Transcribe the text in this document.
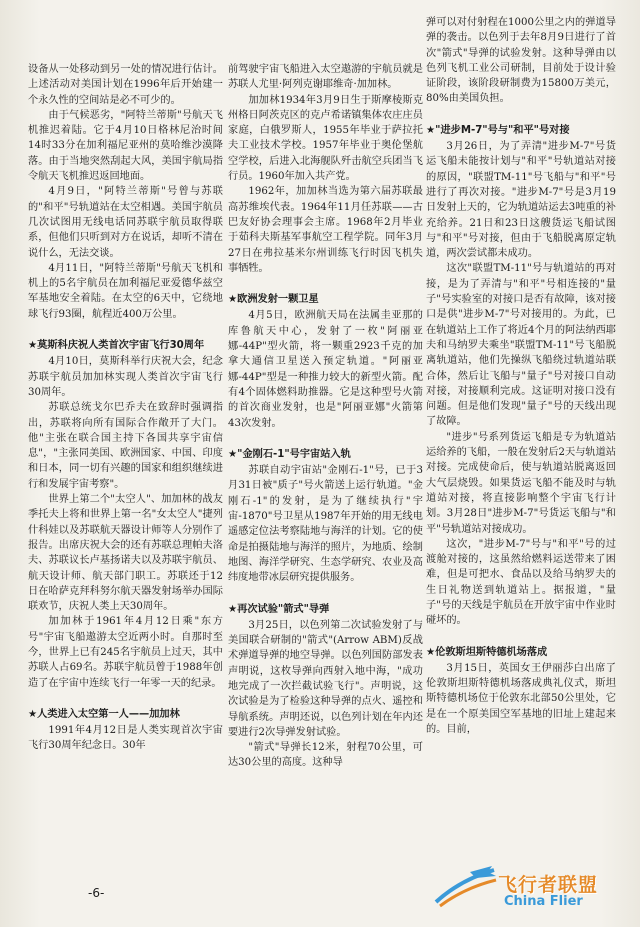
设备从一处移动到另一处的情况进行估计。上述活动对美国计划在1996年后开始建一个永久性的空间站是必不可少的。

由于气候恶劣，"阿特兰蒂斯"号航天飞机推迟着陆。它于4月10日格林尼治时间14时33分在加利福尼亚州的莫哈维沙漠降落。由于当地突然刮起大风，美国宇航局指令航天飞机推迟返回地面。

4月9日，"阿特兰蒂斯"号曾与苏联的"和平"号轨道站在太空相遇。美国宇航员几次试图用无线电话同苏联宇航员取得联系，但他们只听到对方在说话，却听不清在说什么，无法交谈。

4月11日，"阿特兰蒂斯"号航天飞机和机上的5名宇航员在加利福尼亚爱德华兹空军基地安全着陆。在太空的6天中，它绕地球飞行93圈，航程近400万公里。

★莫斯科庆祝人类首次宇宙飞行30周年

4月10日，莫斯科举行庆祝大会，纪念苏联宇航员加加林实现人类首次宇宙飞行30周年。

苏联总统戈尔巴乔夫在致辞时强调指出，苏联将向所有国际合作敞开了大门。他"主张在联合国主持下各国共享宇宙信息"，"主张同美国、欧洲国家、中国、印度和日本，同一切有兴趣的国家和组织继续进行和发展宇宙考察"。

世界上第二个"太空人"、加加林的战友季托夫上将和世界上第一名"女太空人"捷列什科娃以及苏联航天器设计师等人分别作了报告。出席庆祝大会的还有苏联总理帕夫洛夫、苏联议长卢基扬诺夫以及苏联宇航员、航天设计师、航天部门职工。苏联还于12日在哈萨克拜科努尔航天器发射场举办国际联欢节，庆祝人类上天30周年。

加加林于1961年4月12日乘"东方号"宇宙飞船遨游太空近两小时。自那时至今，世界上已有245名宇航员上过天，其中苏联人占69名。苏联宇航员曾于1988年创造了在宇宙中连续飞行一年零一天的纪录。

★人类进入太空第一人——加加林

1991年4月12日是人类实现首次宇宙飞行30周年纪念日。30年

前驾驶宇宙飞船进入太空遨游的宇航员就是苏联人尤里·阿列克谢耶维奇·加加林。

加加林1934年3月9日生于斯摩棱斯克州格日阿茨克区的克卢希诺镇集体农庄庄员家庭，白俄罗斯人，1955年毕业于萨拉托夫工业技术学校。1957年毕业于奥伦堡航空学校，后进入北海舰队歼击航空兵团当飞行员。1960年加入共产党。

1962年，加加林当选为第六届苏联最高苏维埃代表。1964年11月任苏联——古巴友好协会理事会主席。1968年2月毕业于茹科夫斯基军事航空工程学院。同年3月27日在弗拉基米尔州训练飞行时因飞机失事牺牲。

★欧洲发射一颗卫星

4月5日，欧洲航天局在法属圭亚那的库鲁航天中心，发射了一枚"阿丽亚娜-44P"型火箭，将一颗重2923千克的加拿大通信卫星送入预定轨道。"阿丽亚娜-44P"型是一种推力较大的新型火箭。配有4个固体燃料助推器。它是这种型号火箭的首次商业发射，也是"阿丽亚娜"火箭第43次发射。

★"金刚石-1"号宇宙站入轨

苏联自动宇宙站"金刚石-1"号，已于3月31日被"质子"号火箭送上运行轨道。"金刚石-1"的发射，是为了继续执行"宇宙-1870"号卫星从1987年开始的用无线电遥感定位法考察陆地与海洋的计划。它的使命是拍摄陆地与海洋的照片，为地质、绘制地图、海洋学研究、生态学研究、农业及高纬度地带冰层研究提供服务。

★再次试验"箭式"导弹

3月25日，以色列第二次试验发射了与美国联合研制的"箭式"(Arrow ABM)反战术弹道导弹的地空导弹。以色列国防部发表声明说，这枚导弹向西射入地中海，"成功地完成了一次拦截试验飞行"。声明说，这次试验是为了检验这种导弹的点火、遥控和导航系统。声明还说，以色列计划在年内还要进行2次导弹发射试验。

"箭式"导弹长12米，射程70公里，可达30公里的高度。这种导

弹可以对付射程在1000公里之内的弹道导弹的袭击。以色列于去年8月9日进行了首次"箭式"导弹的试验发射。这种导弹由以色列飞机工业公司研制，目前处于设计验证阶段，该阶段研制费为15800万美元，80%由美国负担。

★"进步M-7"号与"和平"号对接

3月26日，为了弄清"进步M-7"号货运飞船未能按计划与"和平"号轨道站对接的原因，"联盟TM-11"号飞船与"和平"号进行了再次对接。"进步M-7"号是3月19日发射上天的，它为轨道站运去3吨重的补充给养。21日和23日这艘货运飞船试图与"和平"号对接，但由于飞船脱离原定轨道，两次尝试都未成功。

这次"联盟TM-11"号与轨道站的再对接，是为了弄清与"和平"号相连接的"量子"号实验室的对接口是否有故障，该对接口是供"进步M-7"号对接用的。为此，已在轨道站上工作了将近4个月的阿法纳西耶夫和马纳罗夫乘坐"联盟TM-11"号飞船脱离轨道站，他们先操纵飞船绕过轨道站联合体，然后让飞船与"量子"号对接口自动对接，对接顺利完成。这证明对接口没有问题。但是他们发现"量子"号的天线出现了故障。

"进步"号系列货运飞船是专为轨道站运给养的飞船，一般在发射后2天与轨道站对接。完成使命后，使与轨道站脱离返回大气层烧毁。如果货运飞船不能及时与轨道站对接，将直接影响整个宇宙飞行计划。3月28日"进步M-7"号货运飞船与"和平"号轨道站对接成功。

这次，"进步M-7"号与"和平"号的过渡舱对接的，这虽然给燃料运送带来了困难，但是可把水、食品以及给马纳罗夫的生日礼物送到轨道站上。据报道，"量子"号的天线是宇航员在开放宇宙中作业时碰坏的。

★伦敦斯坦斯特德机场落成

3月15日，英国女王伊丽莎白出席了伦敦斯坦斯特德机场落成典礼仪式，斯坦斯特德机场位于伦敦东北部50公里处，它是在一个原美国空军基地的旧址上建起来的。目前，

-6-	飞行者联盟
China Flier
